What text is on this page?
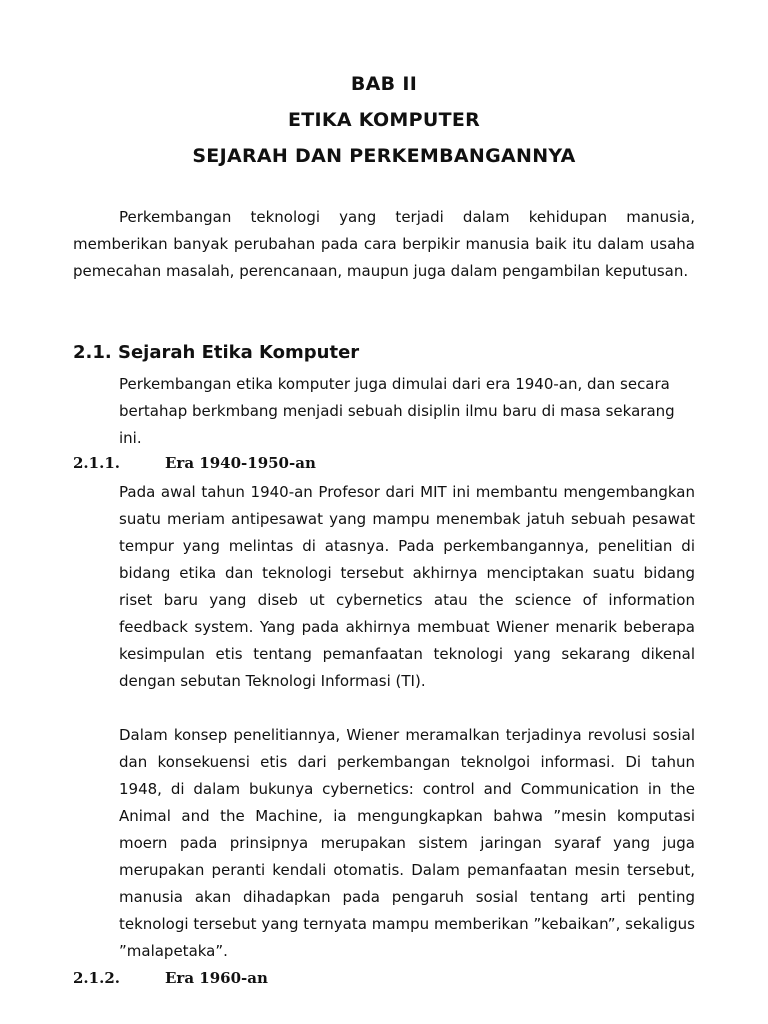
BAB II
ETIKA KOMPUTER
SEJARAH DAN PERKEMBANGANNYA

Perkembangan teknologi yang terjadi dalam kehidupan manusia, memberikan banyak perubahan pada cara berpikir manusia baik itu dalam usaha pemecahan masalah, perencanaan, maupun juga dalam pengambilan keputusan.

2.1. Sejarah Etika Komputer

Perkembangan etika komputer juga dimulai dari era 1940-an, dan secara bertahap berkmbang menjadi sebuah disiplin ilmu baru di masa sekarang ini.

2.1.1.	Era 1940-1950-an

Pada awal tahun 1940-an Profesor dari MIT ini membantu mengembangkan suatu meriam antipesawat yang mampu menembak jatuh sebuah pesawat tempur yang melintas di atasnya. Pada perkembangannya, penelitian di bidang etika dan teknologi tersebut akhirnya menciptakan suatu bidang riset baru yang diseb ut cybernetics atau the science of information feedback system. Yang pada akhirnya membuat Wiener menarik beberapa kesimpulan etis tentang pemanfaatan teknologi yang sekarang dikenal dengan sebutan Teknologi Informasi (TI).

Dalam konsep penelitiannya, Wiener meramalkan terjadinya revolusi sosial dan konsekuensi etis dari perkembangan teknolgoi informasi. Di tahun 1948, di dalam bukunya cybernetics: control and Communication in the Animal and the Machine, ia mengungkapkan bahwa ”mesin komputasi moern pada prinsipnya merupakan sistem jaringan syaraf yang juga merupakan peranti kendali otomatis. Dalam pemanfaatan mesin tersebut, manusia akan dihadapkan pada pengaruh sosial tentang arti penting teknologi tersebut yang ternyata mampu memberikan ”kebaikan”, sekaligus ”malapetaka”.

2.1.2.	Era 1960-an
